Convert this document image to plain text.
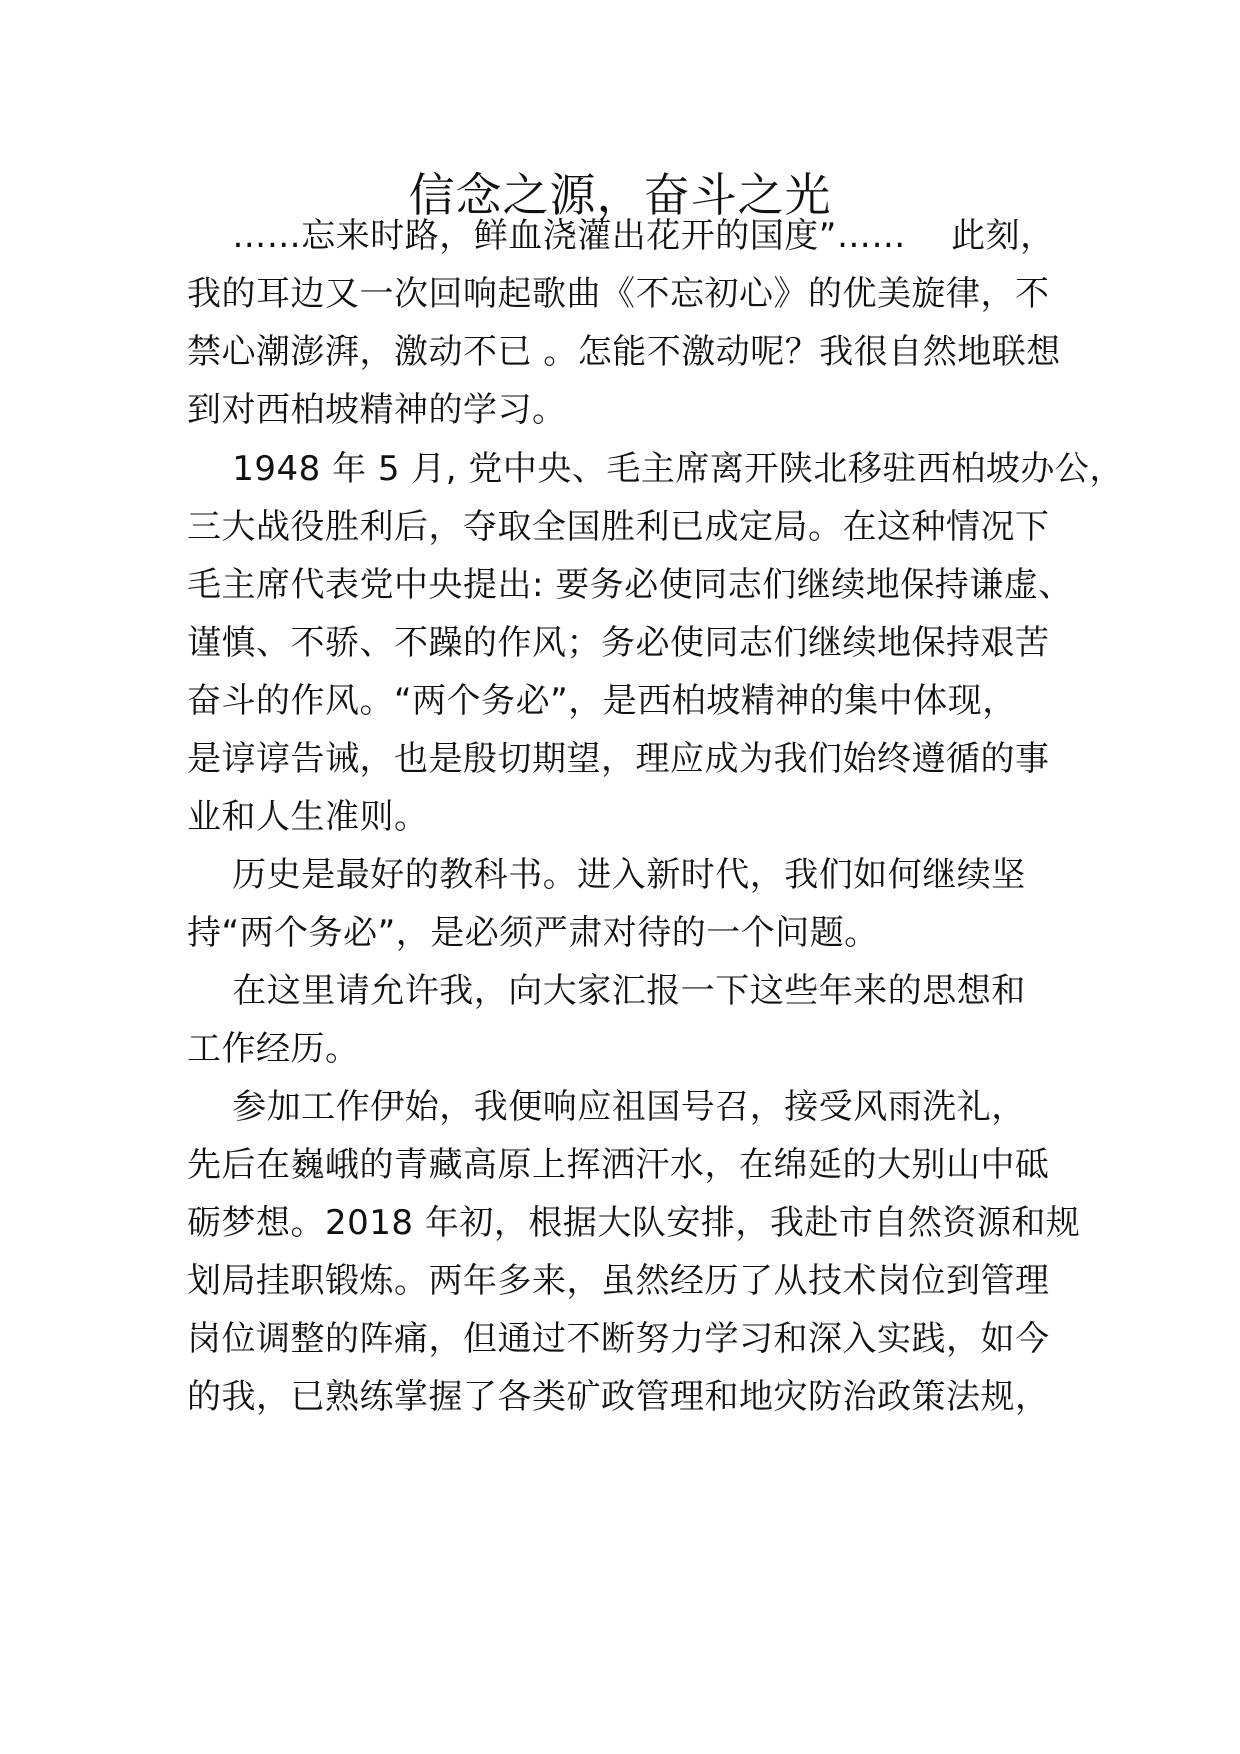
信念之源，奋斗之光
……忘来时路，鲜血浇灌出花开的国度”……    此刻，
我的耳边又一次回响起歌曲《不忘初心》的优美旋律，不
禁心潮澎湃，激动不已 。怎能不激动呢？我很自然地联想
到对西柏坡精神的学习。
1948 年 5 月, 党中央、毛主席离开陕北移驻西柏坡办公，
三大战役胜利后，夺取全国胜利已成定局。在这种情况下
毛主席代表党中央提出: 要务必使同志们继续地保持谦虚、
谨慎、不骄、不躁的作风；务必使同志们继续地保持艰苦
奋斗的作风。“两个务必”，是西柏坡精神的集中体现，
是谆谆告诫，也是殷切期望，理应成为我们始终遵循的事
业和人生准则。
历史是最好的教科书。进入新时代，我们如何继续坚
持“两个务必”，是必须严肃对待的一个问题。
在这里请允许我，向大家汇报一下这些年来的思想和
工作经历。
参加工作伊始，我便响应祖国号召，接受风雨洗礼，
先后在巍峨的青藏高原上挥洒汗水，在绵延的大别山中砥
砺梦想。2018 年初，根据大队安排，我赴市自然资源和规
划局挂职锻炼。两年多来，虽然经历了从技术岗位到管理
岗位调整的阵痛，但通过不断努力学习和深入实践，如今
的我，已熟练掌握了各类矿政管理和地灾防治政策法规，
